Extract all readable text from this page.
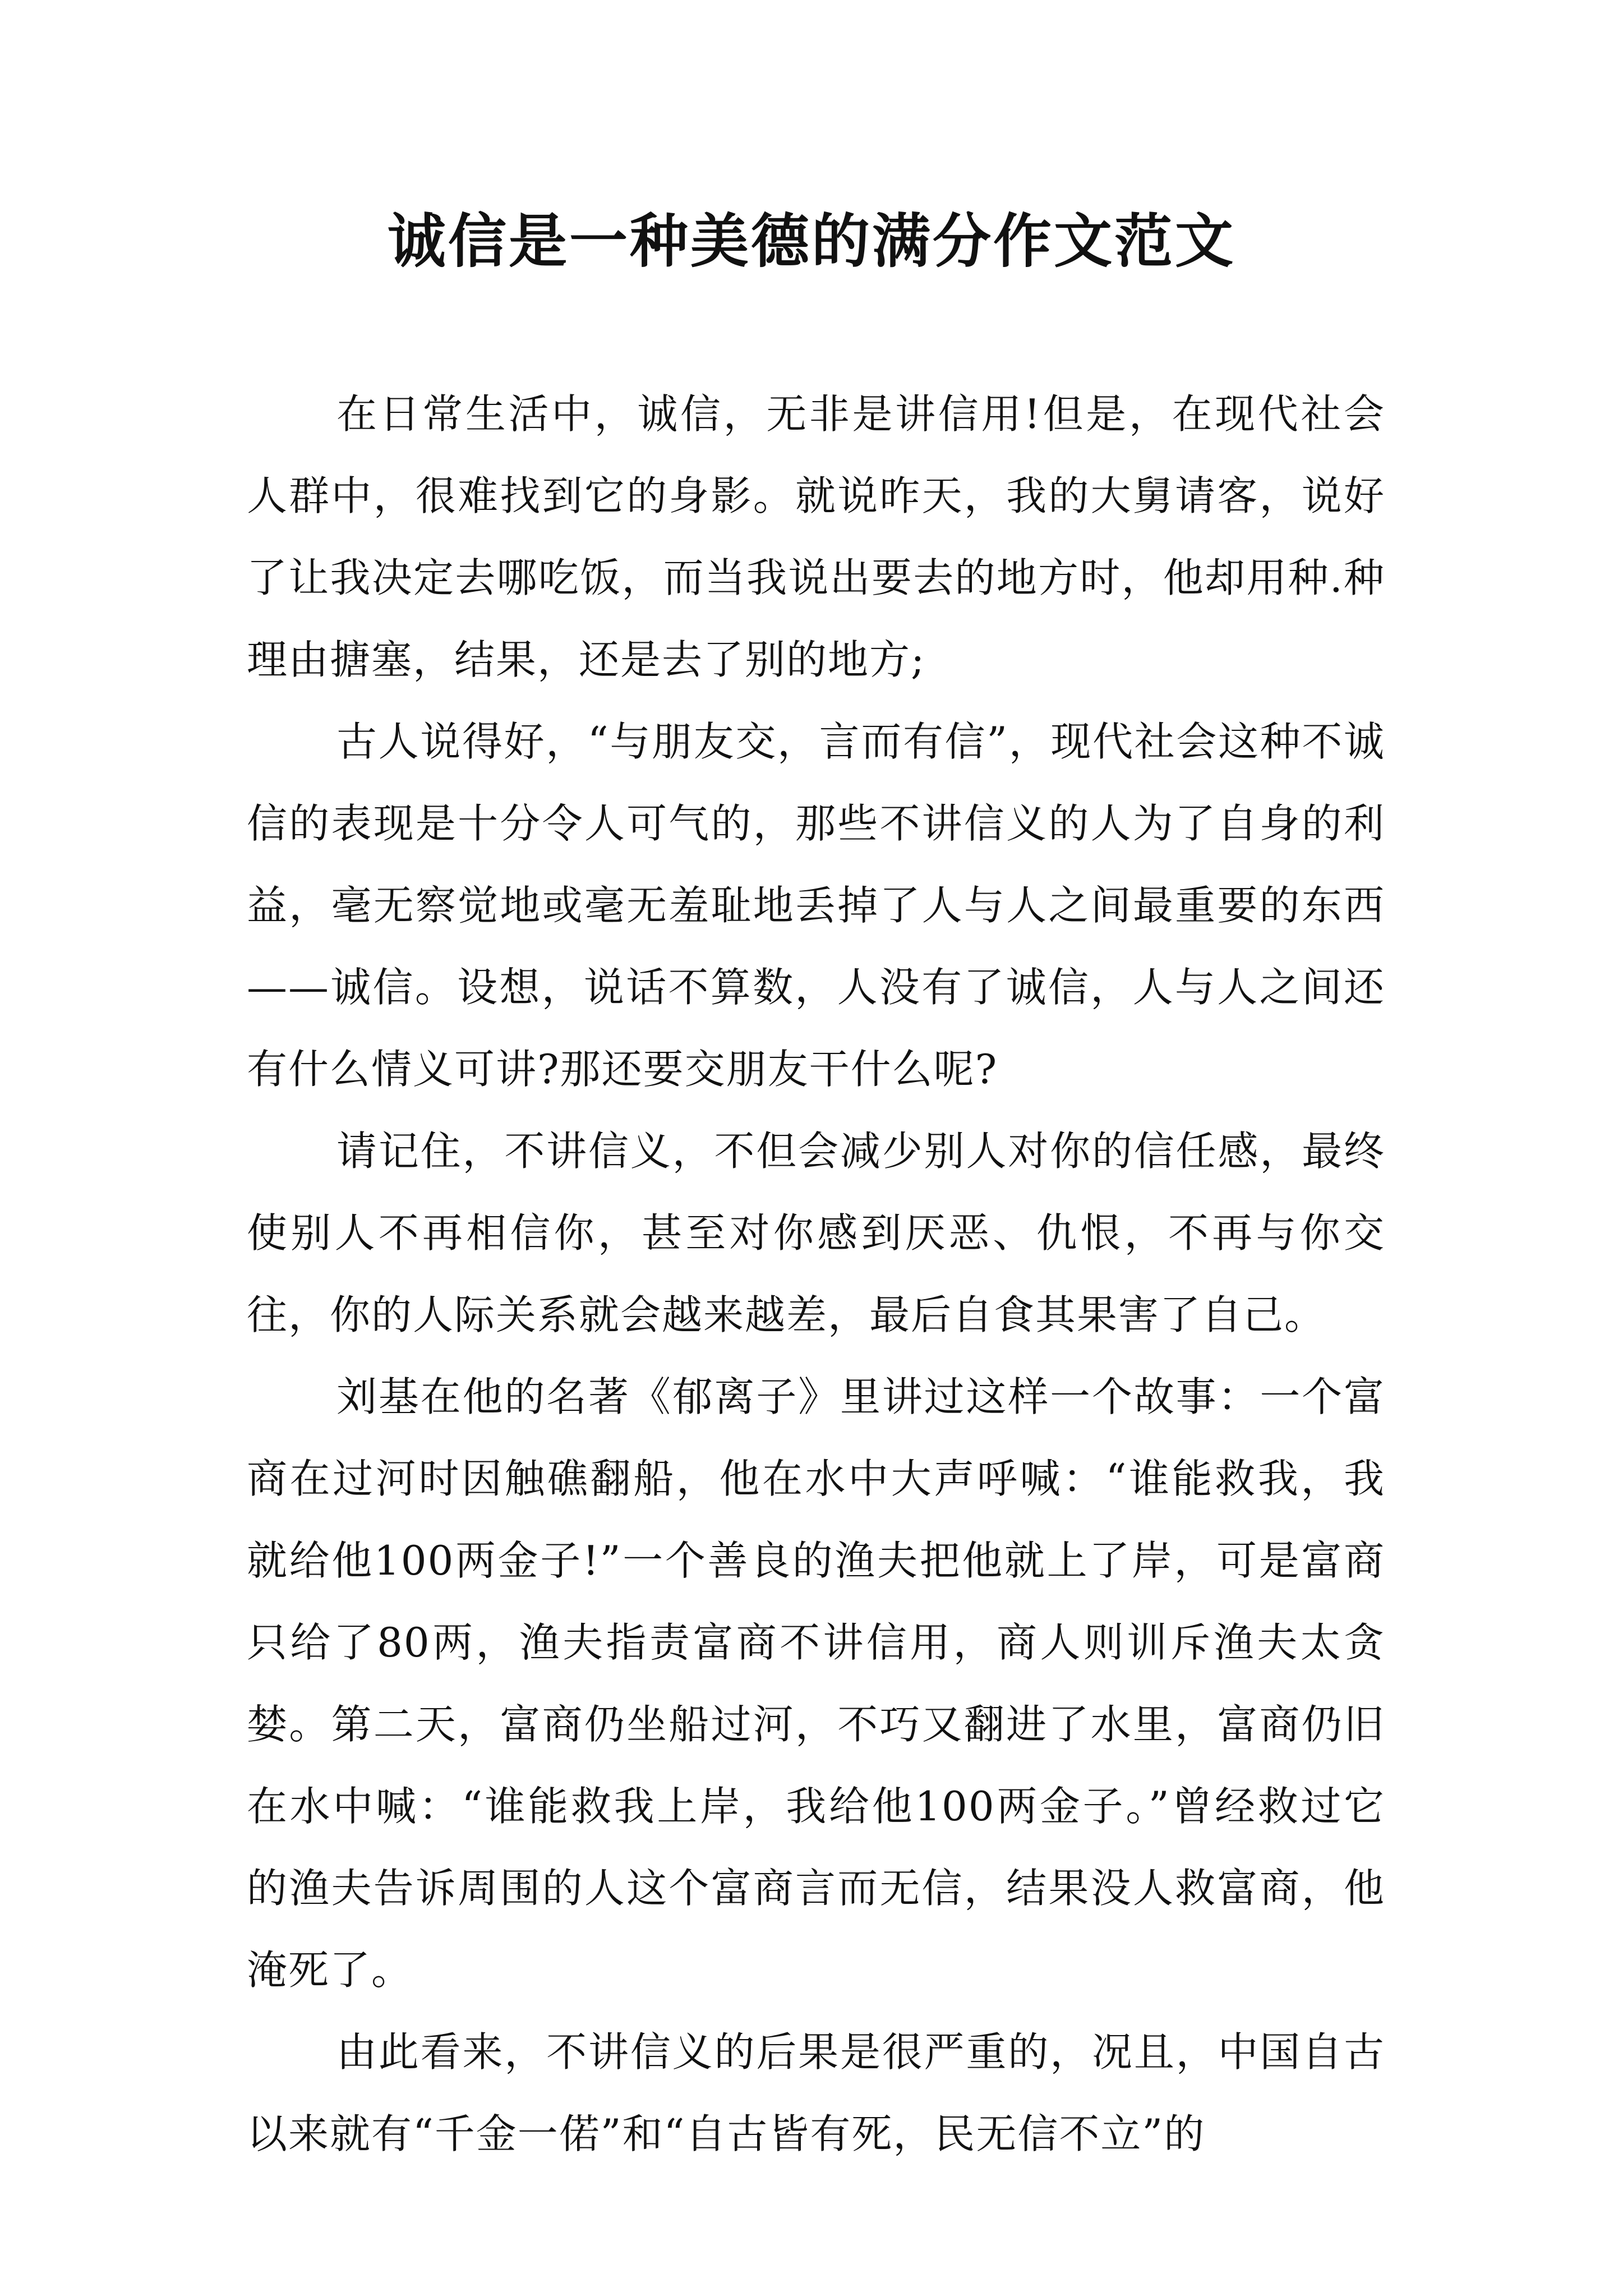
诚信是一种美德的满分作文范文

在日常生活中，诚信，无非是讲信用!但是，在现代社会人群中，很难找到它的身影。就说昨天，我的大舅请客，说好了让我决定去哪吃饭，而当我说出要去的地方时，他却用种.种理由搪塞，结果，还是去了别的地方;

古人说得好，“与朋友交，言而有信”，现代社会这种不诚信的表现是十分令人可气的，那些不讲信义的人为了自身的利益，毫无察觉地或毫无羞耻地丢掉了人与人之间最重要的东西——诚信。设想，说话不算数，人没有了诚信，人与人之间还有什么情义可讲?那还要交朋友干什么呢?

请记住，不讲信义，不但会减少别人对你的信任感，最终使别人不再相信你，甚至对你感到厌恶、仇恨，不再与你交往，你的人际关系就会越来越差，最后自食其果害了自己。

刘基在他的名著《郁离子》里讲过这样一个故事：一个富商在过河时因触礁翻船，他在水中大声呼喊：“谁能救我，我就给他100两金子!”一个善良的渔夫把他就上了岸，可是富商只给了80两，渔夫指责富商不讲信用，商人则训斥渔夫太贪婪。第二天，富商仍坐船过河，不巧又翻进了水里，富商仍旧在水中喊：“谁能救我上岸，我给他100两金子。”曾经救过它的渔夫告诉周围的人这个富商言而无信，结果没人救富商，他淹死了。

由此看来，不讲信义的后果是很严重的，况且，中国自古以来就有“千金一偌”和“自古皆有死，民无信不立”的
